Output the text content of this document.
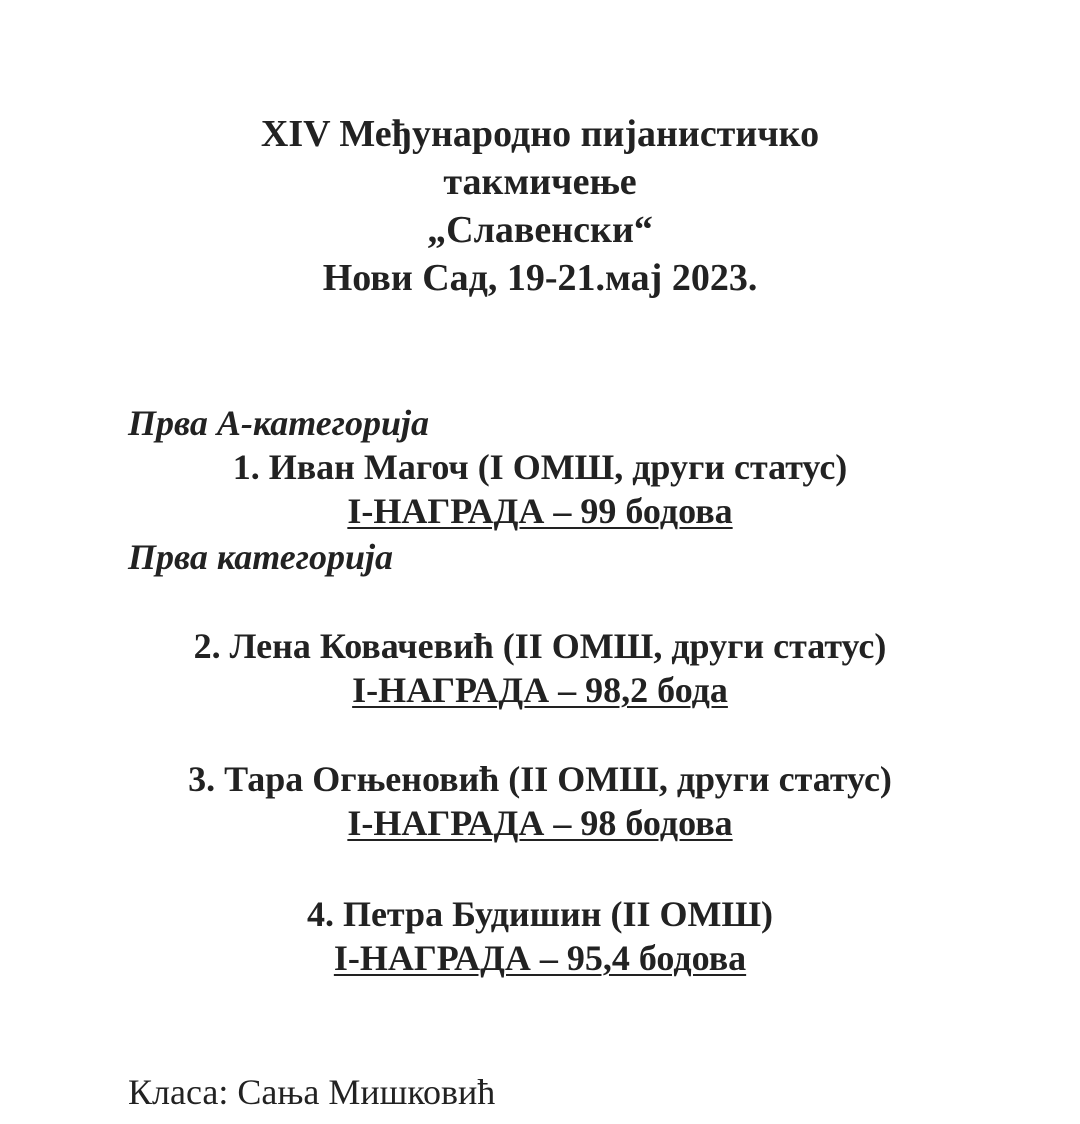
XIV Међународно пијанистичко
такмичење
„Славенски“
Нови Сад, 19-21.мај 2023.
Прва А-категорија
1. Иван Магоч (I ОМШ, други статус)
I-НАГРАДА – 99 бодова
Прва категорија
2. Лена Ковачевић (II ОМШ, други статус)
I-НАГРАДА – 98,2 бода
3. Тара Огњеновић (II ОМШ, други статус)
I-НАГРАДА – 98 бодова
4. Петра Будишин (II ОМШ)
I-НАГРАДА – 95,4 бодова
Класа: Сања Мишковић
